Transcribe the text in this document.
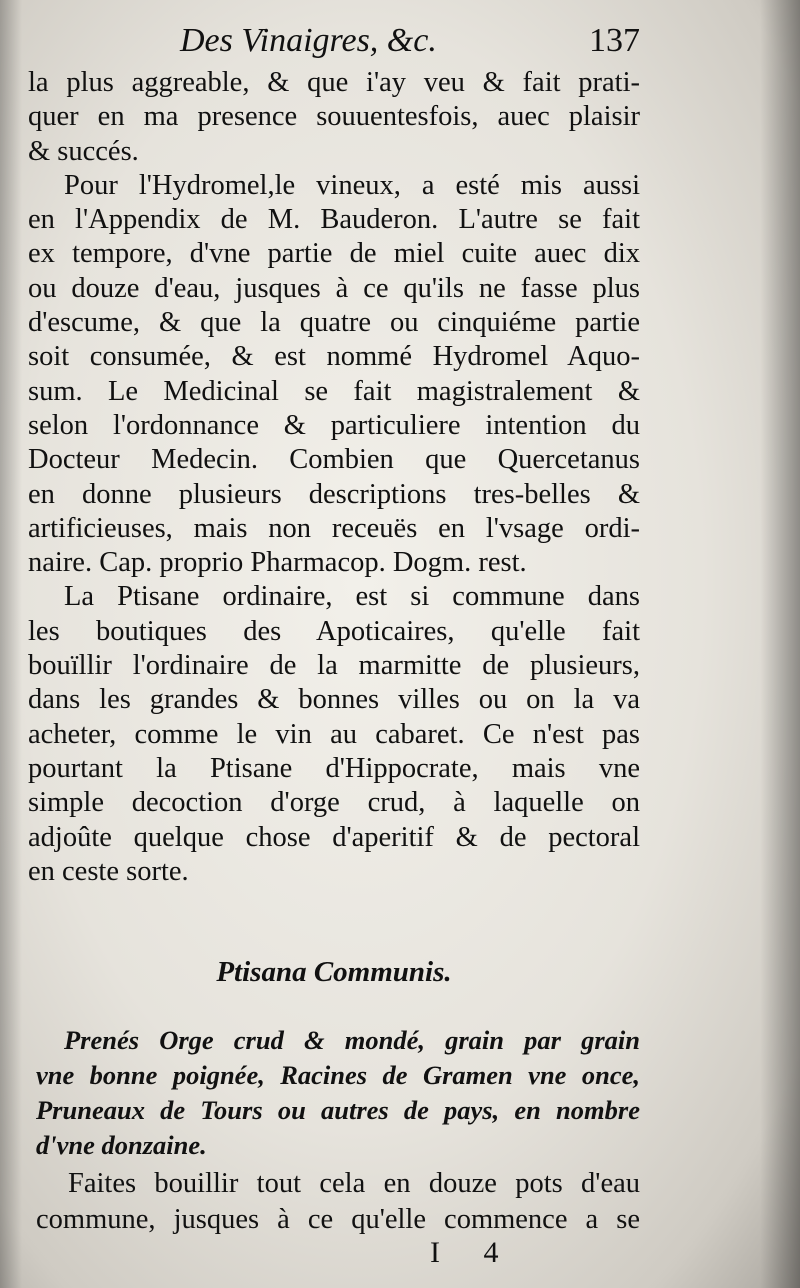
Des Vinaigres, &c.	137
la plus aggreable, & que i'ay veu & fait prati-
quer en ma presence souuentesfois, auec plaisir
& succés.
Pour l'Hydromel,le vineux, a esté mis aussi
en l'Appendix de M. Bauderon. L'autre se fait
ex tempore, d'vne partie de miel cuite auec dix
ou douze d'eau, jusques à ce qu'ils ne fasse plus
d'escume, & que la quatre ou cinquiéme partie
soit consumée, & est nommé Hydromel Aquo-
sum. Le Medicinal se fait magistralement &
selon l'ordonnance & particuliere intention du
Docteur Medecin. Combien que Quercetanus
en donne plusieurs descriptions tres-belles &
artificieuses, mais non receuës en l'vsage ordi-
naire. Cap. proprio Pharmacop. Dogm. rest.
La Ptisane ordinaire, est si commune dans
les boutiques des Apoticaires, qu'elle fait
bouïllir l'ordinaire de la marmitte de plusieurs,
dans les grandes & bonnes villes ou on la va
acheter, comme le vin au cabaret. Ce n'est pas
pourtant la Ptisane d'Hippocrate, mais vne
simple decoction d'orge crud, à laquelle on
adjoûte quelque chose d'aperitif & de pectoral
en ceste sorte.
Ptisana Communis.
Prenés Orge crud & mondé, grain par grain
vne bonne poignée, Racines de Gramen vne once,
Pruneaux de Tours ou autres de pays, en nombre
d'vne donzaine.
Faites bouillir tout cela en douze pots d'eau
commune, jusques à ce qu'elle commence a se
I 4
